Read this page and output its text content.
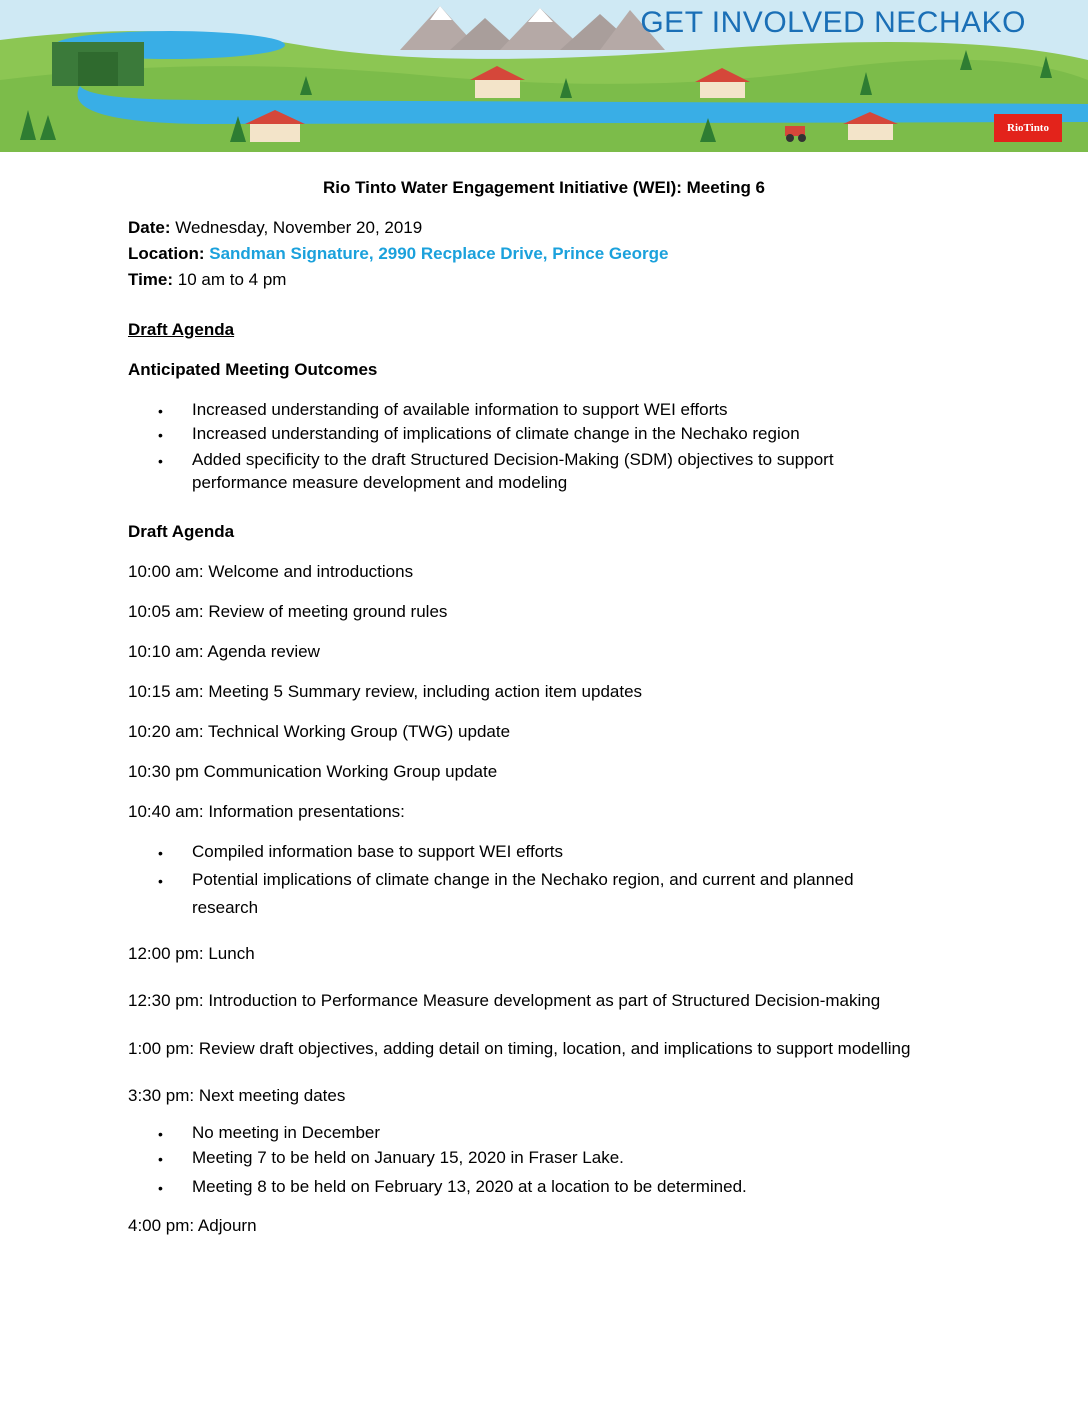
GET INVOLVED NECHAKO
RioTinto
Rio Tinto Water Engagement Initiative (WEI): Meeting 6
Date: Wednesday, November 20, 2019
Location: Sandman Signature, 2990 Recplace Drive, Prince George
Time: 10 am to 4 pm
Draft Agenda
Anticipated Meeting Outcomes
• Increased understanding of available information to support WEI efforts
• Increased understanding of implications of climate change in the Nechako region
• Added specificity to the draft Structured Decision-Making (SDM) objectives to support
performance measure development and modeling
Draft Agenda
10:00 am: Welcome and introductions
10:05 am: Review of meeting ground rules
10:10 am: Agenda review
10:15 am: Meeting 5 Summary review, including action item updates
10:20 am: Technical Working Group (TWG) update
10:30 pm Communication Working Group update
10:40 am: Information presentations:
• Compiled information base to support WEI efforts
• Potential implications of climate change in the Nechako region, and current and planned
research
12:00 pm: Lunch
12:30 pm: Introduction to Performance Measure development as part of Structured Decision-making
1:00 pm: Review draft objectives, adding detail on timing, location, and implications to support modelling
3:30 pm: Next meeting dates
• No meeting in December
• Meeting 7 to be held on January 15, 2020 in Fraser Lake.
• Meeting 8 to be held on February 13, 2020 at a location to be determined.
4:00 pm: Adjourn
